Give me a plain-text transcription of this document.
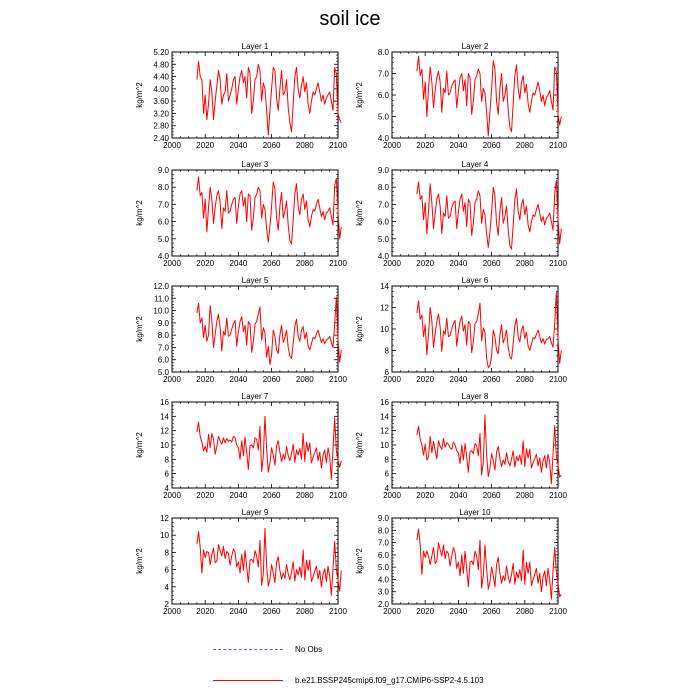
soil ice
Layer 1
kg/m^2
2.40
2.80
3.20
3.60
4.00
4.40
4.80
5.20
2000 2020 2040 2060 2080 2100
Layer 2
kg/m^2
4.0
5.0
6.0
7.0
8.0
2000 2020 2040 2060 2080 2100
Layer 3
kg/m^2
4.0
5.0
6.0
7.0
8.0
9.0
2000 2020 2040 2060 2080 2100
Layer 4
kg/m^2
4.0
5.0
6.0
7.0
8.0
9.0
2000 2020 2040 2060 2080 2100
Layer 5
kg/m^2
5.0
6.0
7.0
8.0
9.0
10.0
11.0
12.0
2000 2020 2040 2060 2080 2100
Layer 6
kg/m^2
6
8
10
12
14
2000 2020 2040 2060 2080 2100
Layer 7
kg/m^2
4
6
8
10
12
14
16
2000 2020 2040 2060 2080 2100
Layer 8
kg/m^2
4
6
8
10
12
14
16
2000 2020 2040 2060 2080 2100
Layer 9
kg/m^2
2
4
6
8
10
12
2000 2020 2040 2060 2080 2100
Layer 10
kg/m^2
2.0
3.0
4.0
5.0
6.0
7.0
8.0
9.0
2000 2020 2040 2060 2080 2100
No Obs
b.e21.BSSP245cmip6.f09_g17.CMIP6-SSP2-4.5.103
